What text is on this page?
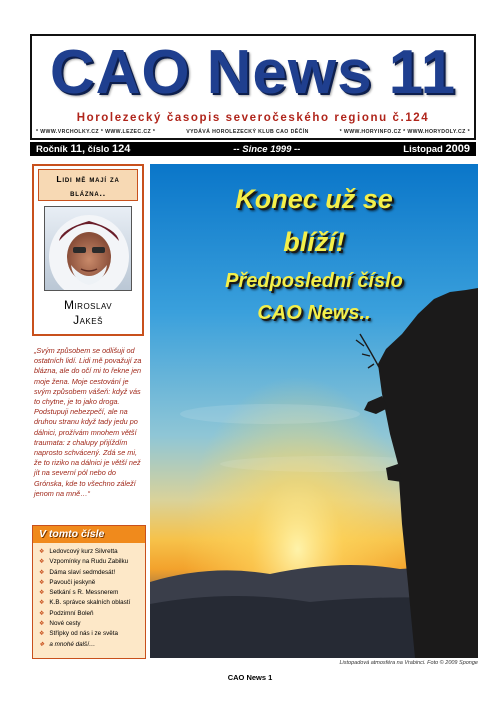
CAO News 11
Horolezecký časopis severočeského regionu č.124
* WWW.VRCHOLKY.CZ * WWW.LEZEC.CZ *	VYDÁVÁ HOROLEZECKÝ KLUB CAO DĚČÍN	* WWW.HORYINFO.CZ * WWW.HORYDOLY.CZ *
Ročník 11, číslo 124	-- Since 1999 --	Listopad 2009
Lidi mě mají za
blázna..
Miroslav
Jakeš
„Svým způsobem se odlišuji od ostatních lidí. Lidi mě považují za blázna, ale do očí mi to řekne jen moje žena. Moje cestování je svým způsobem vášeň: když vás to chytne, je to jako droga. Podstupuji nebezpečí, ale na druhou stranu když tady jedu po dálnici, prožívám mnohem větší traumata: z chalupy přijíždím naprosto schvácený. Zdá se mi, že to riziko na dálnici je větší než jít na severní pól nebo do Grónska, kde to všechno záleží jenom na mně…“
V tomto čísle
❖ Ledovcový kurz Silvretta
❖ Vzpomínky na Rudu Zabilku
❖ Dáma slaví sedmdesát!
❖ Pavoučí jeskyně
❖ Setkání s R. Messnerem
❖ K.B. správce skalních oblastí
❖ Podzimní Boleň
❖ Nové cesty
❖ Střípky od nás i ze světa
❖ a mnohé další…
Konec už se
blíží!
Předposlední číslo
CAO News..
Listopadová atmosféra na Vrabinci. Foto © 2009 Sponge
CAO News 1
